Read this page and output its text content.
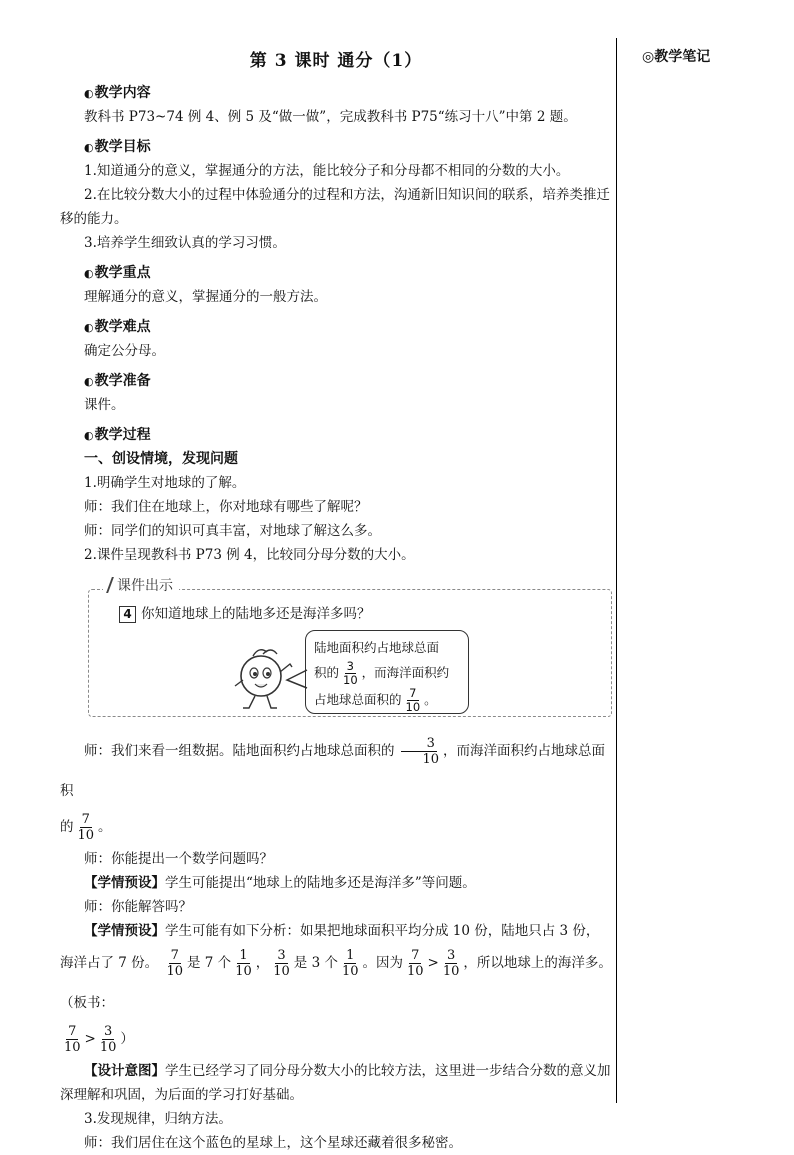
◎教学笔记
第 3 课时 通分（1）
◐教学内容

教科书 P73~74 例 4、例 5 及“做一做”，完成教科书 P75“练习十八”中第 2 题。

◐教学目标

1.知道通分的意义，掌握通分的方法，能比较分子和分母都不相同的分数的大小。

2.在比较分数大小的过程中体验通分的过程和方法，沟通新旧知识间的联系，培养类推迁移的能力。

3.培养学生细致认真的学习习惯。

◐教学重点

理解通分的意义，掌握通分的一般方法。

◐教学难点

确定公分母。

◐教学准备

课件。

◐教学过程
一、创设情境，发现问题

1.明确学生对地球的了解。

师：我们住在地球上，你对地球有哪些了解呢？

师：同学们的知识可真丰富，对地球了解这么多。

2.课件呈现教科书 P73 例 4，比较同分母分数的大小。

课件出示
4 你知道地球上的陆地多还是海洋多吗？
陆地面积约占地球总面
积的 $\frac{3}{10}$ ，而海洋面积约
占地球总面积的 $\frac{7}{10}$ 。

师：我们来看一组数据。陆地面积约占地球总面积的 $\frac{3}{10}$ ，而海洋面积约占地球总面积

的 $\frac{7}{10}$ 。

师：你能提出一个数学问题吗？

【学情预设】学生可能提出“地球上的陆地多还是海洋多”等问题。

师：你能解答吗？

【学情预设】学生可能有如下分析：如果把地球面积平均分成 10 份，陆地只占 3 份，

海洋占了 7 份。 $\frac{7}{10}$ 是 7 个 $\frac{1}{10}$ ， $\frac{3}{10}$ 是 3 个 $\frac{1}{10}$ 。因为 $\frac{7}{10} > \frac{3}{10}$ ，所以地球上的海洋多。（板书：

$\frac{7}{10} > \frac{3}{10}$ ）

【设计意图】学生已经学习了同分母分数大小的比较方法，这里进一步结合分数的意义加深理解和巩固，为后面的学习打好基础。

3.发现规律，归纳方法。

师：我们居住在这个蓝色的星球上，这个星球还藏着很多秘密。
